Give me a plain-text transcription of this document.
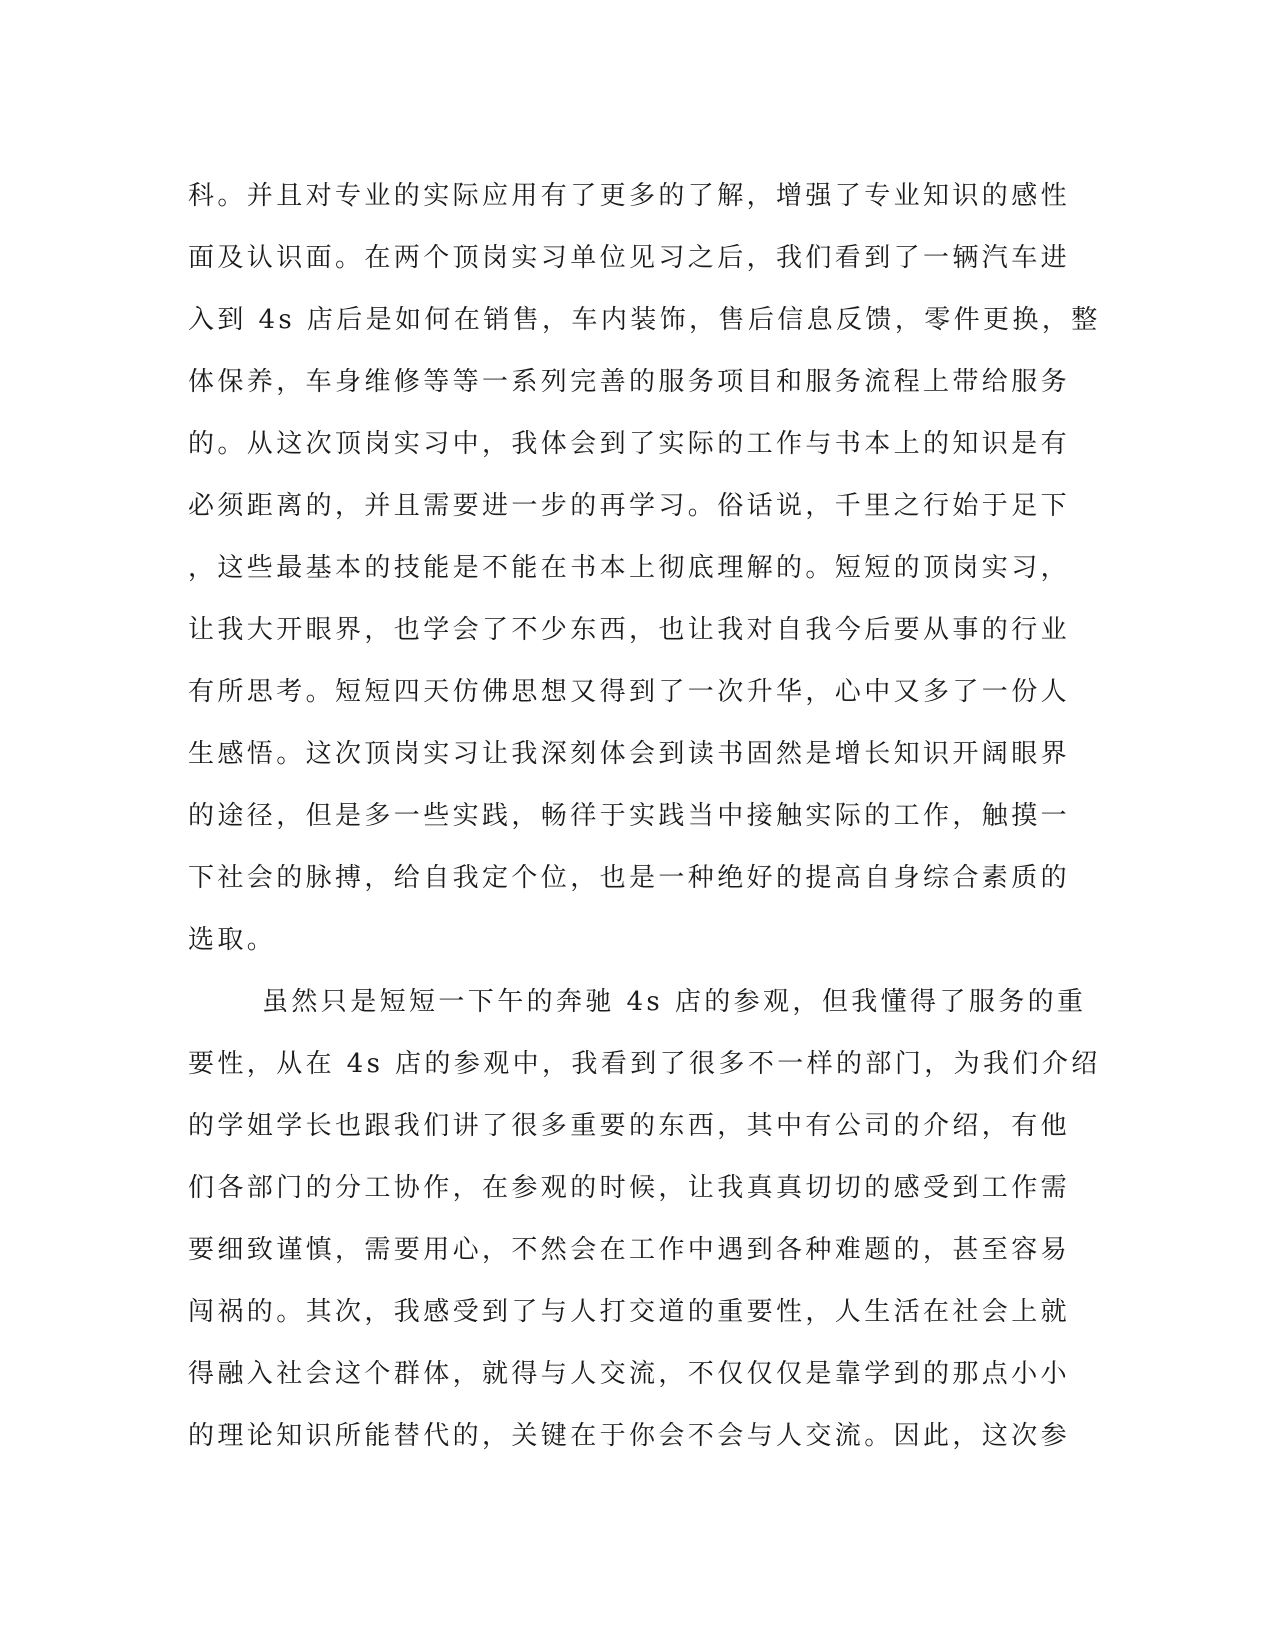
科。并且对专业的实际应用有了更多的了解，增强了专业知识的感性
面及认识面。在两个顶岗实习单位见习之后，我们看到了一辆汽车进
入到 4s 店后是如何在销售，车内装饰，售后信息反馈，零件更换，整
体保养，车身维修等等一系列完善的服务项目和服务流程上带给服务
的。从这次顶岗实习中，我体会到了实际的工作与书本上的知识是有
必须距离的，并且需要进一步的再学习。俗话说，千里之行始于足下
，这些最基本的技能是不能在书本上彻底理解的。短短的顶岗实习，
让我大开眼界，也学会了不少东西，也让我对自我今后要从事的行业
有所思考。短短四天仿佛思想又得到了一次升华，心中又多了一份人
生感悟。这次顶岗实习让我深刻体会到读书固然是增长知识开阔眼界
的途径，但是多一些实践，畅徉于实践当中接触实际的工作，触摸一
下社会的脉搏，给自我定个位，也是一种绝好的提高自身综合素质的
选取。
虽然只是短短一下午的奔驰 4s 店的参观，但我懂得了服务的重
要性，从在 4s 店的参观中，我看到了很多不一样的部门，为我们介绍
的学姐学长也跟我们讲了很多重要的东西，其中有公司的介绍，有他
们各部门的分工协作，在参观的时候，让我真真切切的感受到工作需
要细致谨慎，需要用心，不然会在工作中遇到各种难题的，甚至容易
闯祸的。其次，我感受到了与人打交道的重要性，人生活在社会上就
得融入社会这个群体，就得与人交流，不仅仅仅是靠学到的那点小小
的理论知识所能替代的，关键在于你会不会与人交流。因此，这次参
